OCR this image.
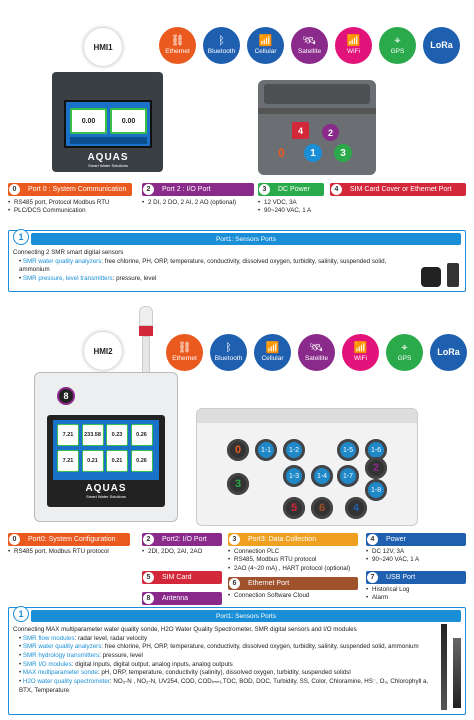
HMI1
⛓
Ethernet
ᛒ
Bluetooth
📶
Cellular
🛰
Satellite
📶
WiFi
⌖
GPS
LoRa
0.00	0.00
AQUAS
Smart Water Solutions
4	2
0	1	3
0	Port 0 : System Communication
• RS485 port, Protocol Modbus RTU
• PLC/DCS Communication
2	Port 2 : I/O Port
• 2 DI, 2 DO, 2 AI, 2 AO (optional)
3	DC Power
• 12 VDC, 3A
• 90~240 VAC, 1 A
4	SIM Card Cover or Ethernet Port
1	Port1: Sensors Ports
Connecting 2 SMR smart digital sensors
• SMR water quality analyzers: free chlorine, PH, ORP, temperature, conductivity, dissolved oxygen, turbidity, salinity, suspended solid, ammonium
• SMR pressure, level transmitters: pressure, level
HMI2	⛓
Ethernet
ᛒ
Bluetooth
📶
Cellular
🛰
Satellite
📶
WiFi
⌖
GPS
LoRa
8
7.21	233.58	0.23	0.26
7.21	0.21	0.21	0.26
AQUAS
Smart Water Solutions
0	1-1	1-2	1-5	1-6
2
3
1-3	1-4	1-7
1-8
5	6	4
0	Port0: System Configuration
• RS485 port, Modbus RTU protocol
2	Port2: I/O Port
• 2DI, 2DO, 2AI, 2AO
3	Port3: Data Collection
• Connection PLC
• RS485, Modbus RTU protocol
• 2AO (4~20 mA) , HART protocol (optional)
4	Power
• DC 12V, 3A
• 90~240 VAC, 1 A
5	SIM Card
6	Ethernet Port
• Connection Software Cloud
7	USB Port
• Historical Log
• Alarm
8	Antenna
1	Port1: Sensors Ports
Connecting MAX multiparameter water quality sonde, H2O Water Quality Spectrometer, SMR digital sensors and I/O modules
• SMR flow modules: radar level, radar velocity
• SMR water quality analyzers: free chlorine, PH, ORP, temperature, conductivity, dissolved oxygen, turbidity, salinity, suspended solid, ammonium
• SMR hydrology transmitters: pressure, level
• SMR I/O modules: digital Inputs, digital output, analog inputs, analog outputs
• MAX multiparameter sonde: pH, ORP, temperature, conductivity (salinity), dissolved oxygen, turbidity, suspended solidsl
• H2O water quality spectrometer: NO₃-N , NO₂-N, UV254, COD, COD₍ₘₙ₎,TOC, BOD, DOC, Turbidity, SS, Color, Chloramine, HS⁻, O₃, Chlorophyll a, BTX, Temperature
